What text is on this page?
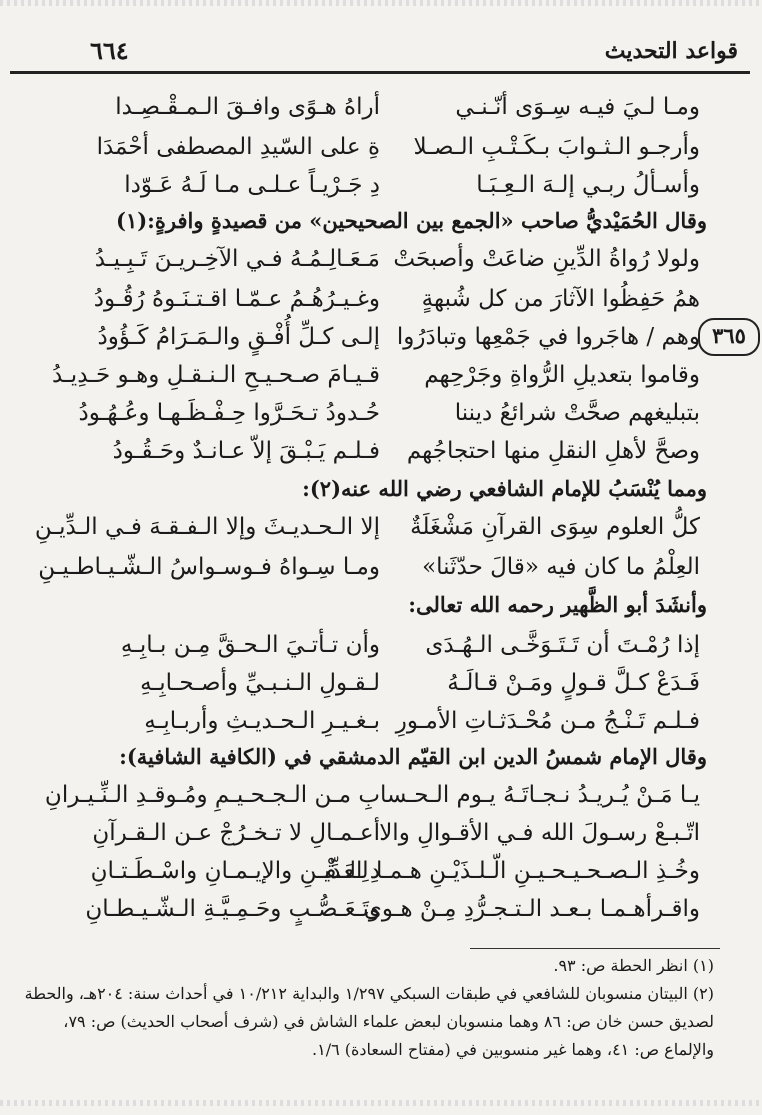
قواعد التحديث
٦٦٤
٣٦٥
ومـا لـيَ فيـه سِـوَى أنّـنـي
أراهُ هـوًى وافـقَ الـمـقْـصِـدا
وأرجـو الـثـوابَ بـكَـتْـبِ الـصـلا
ةِ على السّيدِ المصطفى أحْمَدَا
وأسـألُ ربـي إلـهَ الـعِـبَـا
دِ جَـرْيـاً عـلـى مـا لَـهُ عَـوّدا
وقال الحُمَيْديُّ صاحب «الجمع بين الصحيحين» من قصيدةٍ وافرةٍ:(١)
ولولا رُواةُ الدِّينِ ضاعَتْ وأصبحَتْ
مَـعَـالِـمُـهُ فـي الآخِـريـنَ تَـبِـيـدُ
همُ حَفِظُوا الآثارَ من كل شُبهةٍ
وغـيـرُهُـمُ عـمّـا اقـتـنَـوهُ رُقُـودُ
وهم / هاجَروا في جَمْعِها وتبادَرُوا
إلـى كـلِّ أُفْـقٍ والـمَـرَامُ كَـؤُودُ
وقاموا بتعديلِ الرُّواةِ وجَرْحِهم
قـيـامَ صـحـيـحِ الـنـقـلِ وهـو حَـدِيـدُ
بتبليغهم صحَّتْ شرائعُ ديننا
حُـدودُ تـحَـرَّوا حِـفْـظَـهـا وعُـهُـودُ
وصحَّ لأهلِ النقلِ منها احتجاجُهم
فـلـم يَـبْـقَ إلاّ عـانـدٌ وحَـقُـودُ
ومما يُنْسَبُ للإمام الشافعي رضي الله عنه(٢):
كلُّ العلوم سِوَى القرآنِ مَشْغَلَةٌ
إلا الـحـديـثَ وإلا الـفـقـهَ فـي الـدِّيـنِ
العِلْمُ ما كان فيه «قالَ حدّثَنا»
ومـا سِـواهُ فـوسـواسُ الـشّـيـاطـيـنِ
وأنشَدَ أبو الظَّهير رحمه الله تعالى:
إذا رُمْـتَ أن تَـتَـوَخَّـى الـهُـدَى
وأن تـأتـيَ الـحـقَّ مِـن بـابِـهِ
فَـدَعْ كـلَّ قـولٍ ومَـنْ قـالَـهُ
لـقـولِ الـنـبـيِّ وأصـحـابِـهِ
فـلـم تَـنْـجُ مـن مُحْـدَثـاتِ الأمـورِ
بـغـيـرِ الـحـديـثِ وأربـابِـهِ
وقال الإمام شمسُ الدين ابن القيّم الدمشقي في (الكافية الشافية):
يـا مَـنْ يُـريـدُ نـجـاتَـهُ يـوم الـحـسا
بِ مـن الـجـحـيـمِ ومُـوقـدِ الـنِّـيـرانِ
اتّـبـعْ رسـولَ الله فـي الأقـوالِ والا
أعـمـالِ لا تـخـرُجْ عـن الـقـرآنِ
وخُـذِ الـصـحـيـحـيـنِ الّـلـذَيْـنِ هـمـا لِـعَـقْـ
دِ الـدِّيـنِ والإيـمـانِ واسْـطَـتـانِ
واقـرأهـمـا بـعـد الـتـجـرُّدِ مِـنْ هـوى
وتَـعَـصُّـبٍ وحَـمِـيَّـةِ الـشّـيـطـانِ
(١) انظر الحطة ص: ٩٣.
(٢) البيتان منسوبان للشافعي في طبقات السبكي ١/٢٩٧ والبداية ١٠/٢١٢ في أحداث سنة: ٢٠٤هـ، والحطة
لصديق حسن خان ص: ٨٦ وهما منسوبان لبعض علماء الشاش في (شرف أصحاب الحديث) ص: ٧٩،
والإلماع ص: ٤١، وهما غير منسوبين في (مفتاح السعادة) ١/٦.
